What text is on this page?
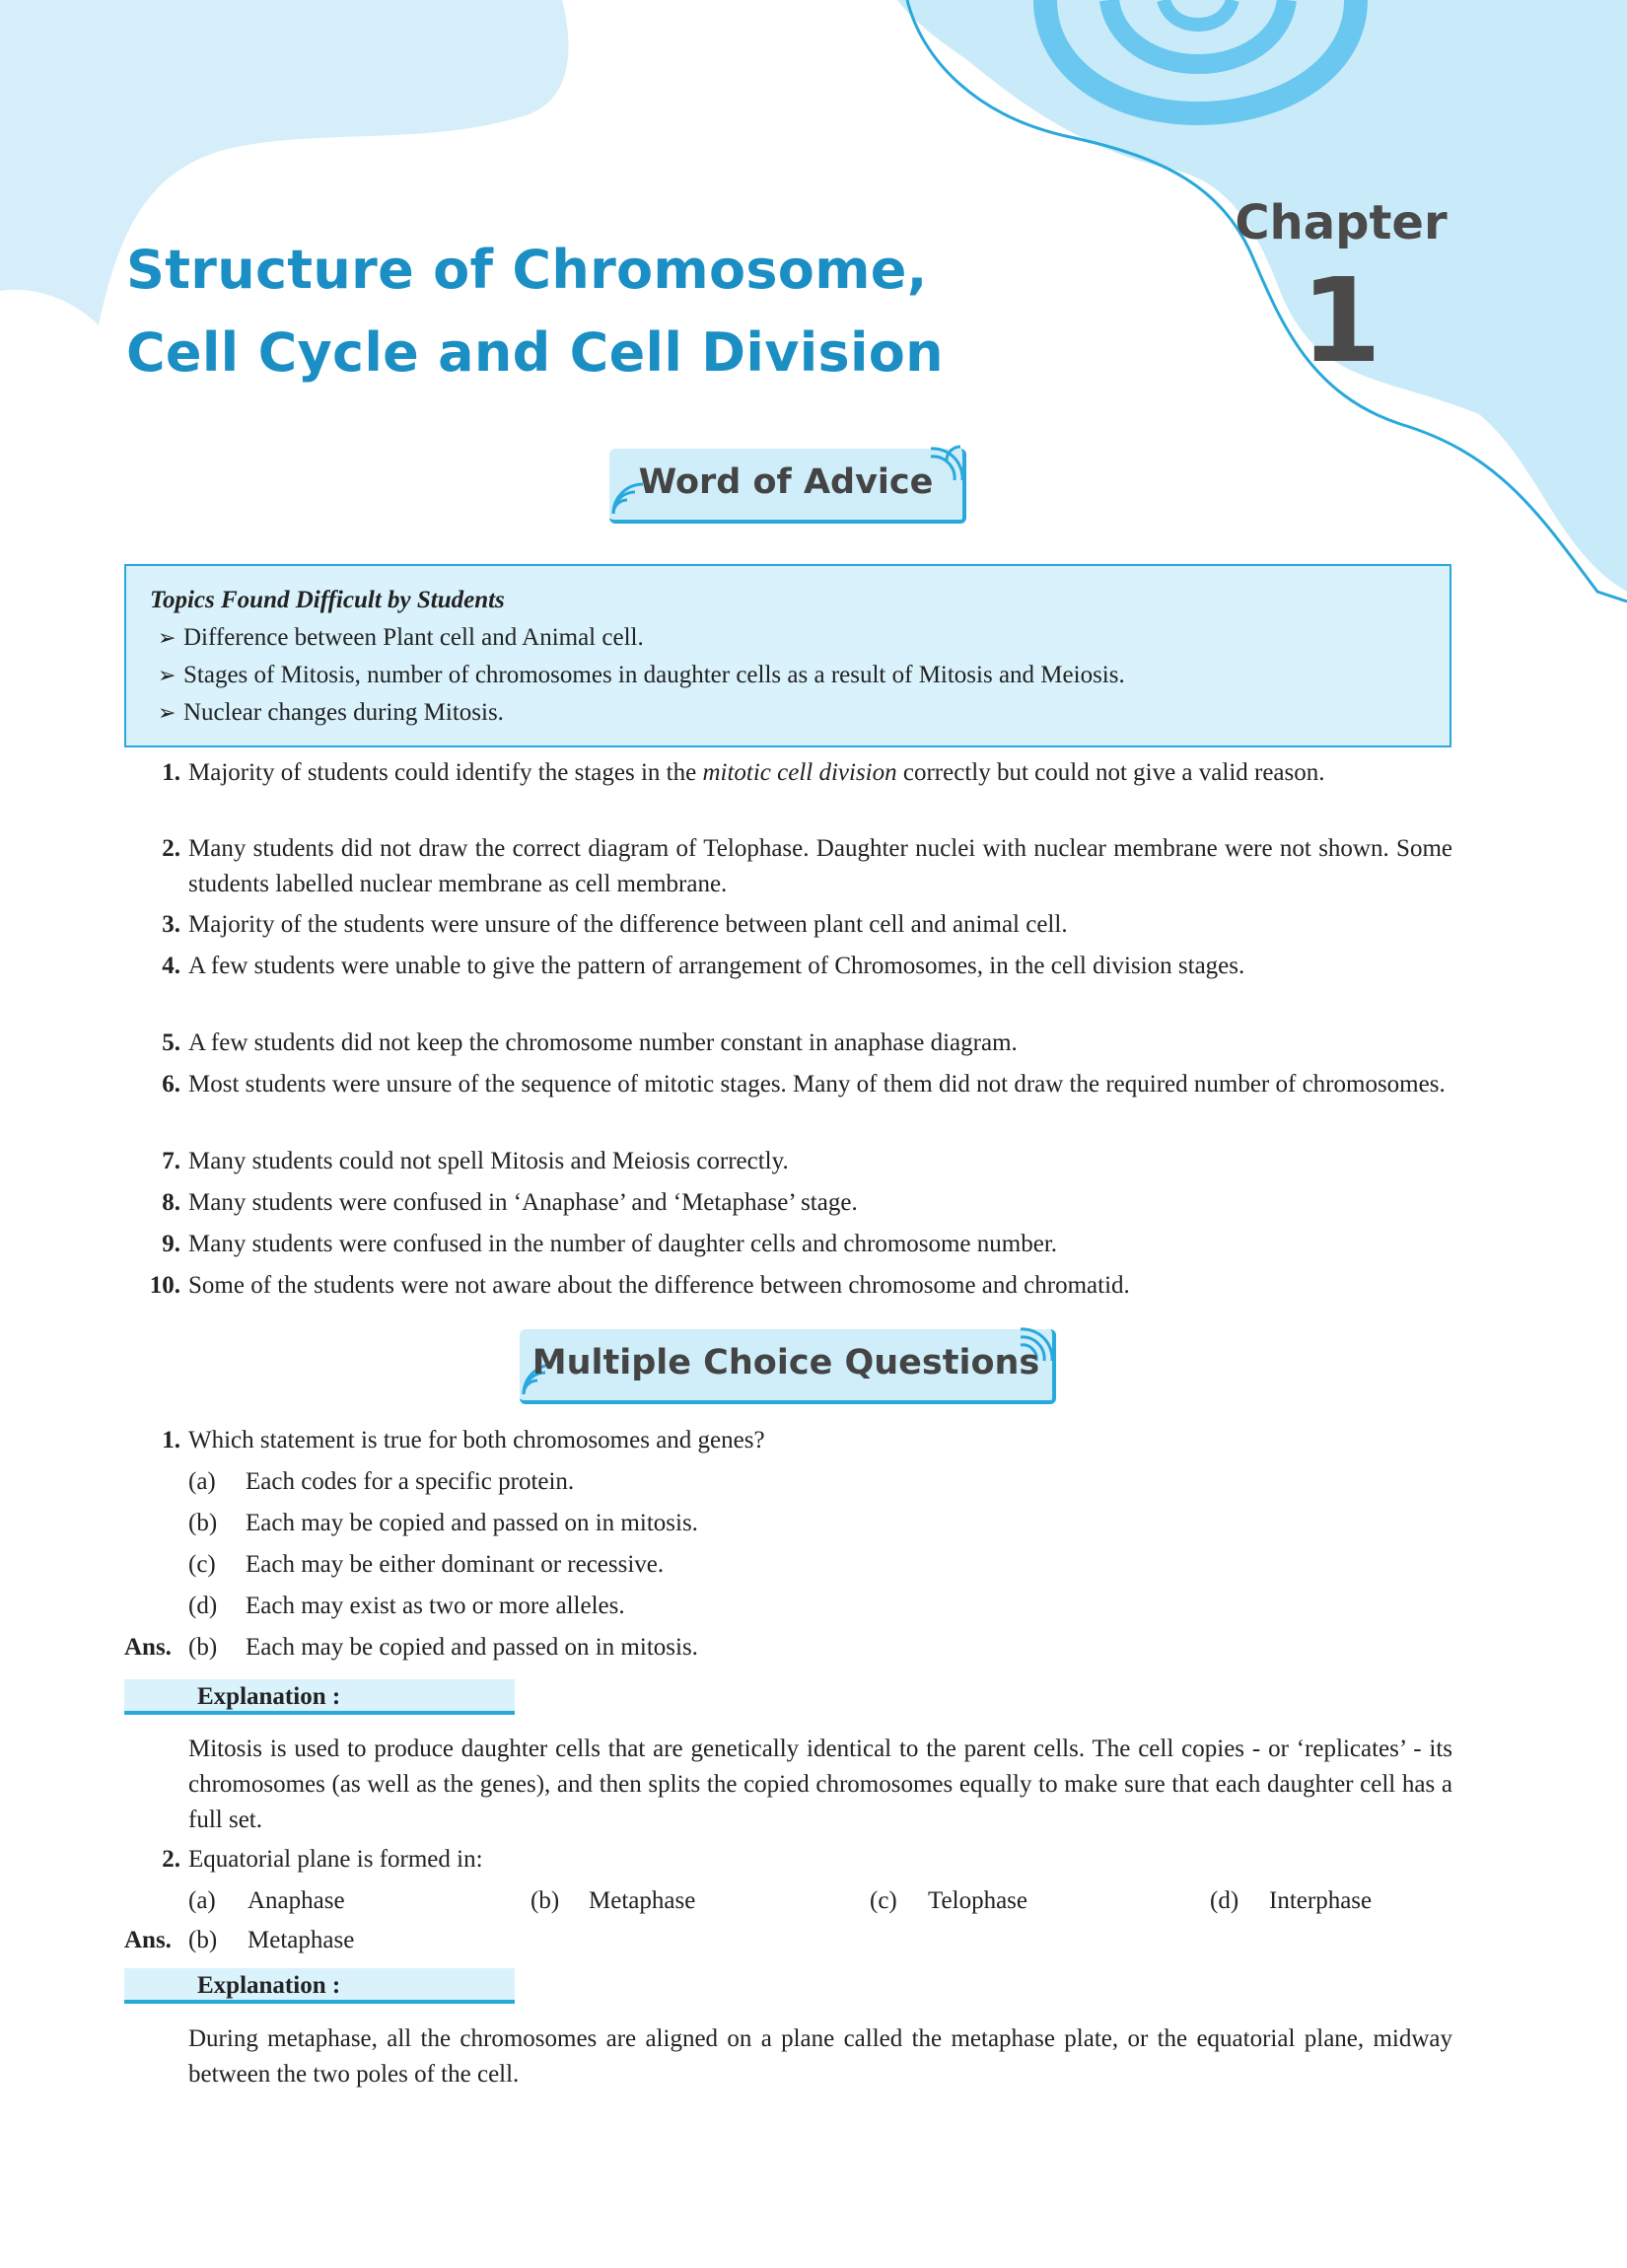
Structure of Chromosome,
Cell Cycle and Cell Division
Chapter
1
Word of Advice
Topics Found Difficult by Students
➢ Difference between Plant cell and Animal cell.
➢ Stages of Mitosis, number of chromosomes in daughter cells as a result of Mitosis and Meiosis.
➢ Nuclear changes during Mitosis.
1. Majority of students could identify the stages in the mitotic cell division correctly but could not give a valid reason.
2. Many students did not draw the correct diagram of Telophase. Daughter nuclei with nuclear membrane were not shown. Some students labelled nuclear membrane as cell membrane.
3. Majority of the students were unsure of the difference between plant cell and animal cell.
4. A few students were unable to give the pattern of arrangement of Chromosomes, in the cell division stages.
5. A few students did not keep the chromosome number constant in anaphase diagram.
6. Most students were unsure of the sequence of mitotic stages. Many of them did not draw the required number of chromosomes.
7. Many students could not spell Mitosis and Meiosis correctly.
8. Many students were confused in ‘Anaphase’ and ‘Metaphase’ stage.
9. Many students were confused in the number of daughter cells and chromosome number.
10. Some of the students were not aware about the difference between chromosome and chromatid.
Multiple Choice Questions
1. Which statement is true for both chromosomes and genes?
(a) Each codes for a specific protein.
(b) Each may be copied and passed on in mitosis.
(c) Each may be either dominant or recessive.
(d) Each may exist as two or more alleles.
Ans. (b) Each may be copied and passed on in mitosis.
Explanation :
Mitosis is used to produce daughter cells that are genetically identical to the parent cells. The cell copies - or ‘replicates’ - its chromosomes (as well as the genes), and then splits the copied chromosomes equally to make sure that each daughter cell has a full set.
2. Equatorial plane is formed in:
(a) Anaphase	(b) Metaphase	(c) Telophase	(d) Interphase
Ans. (b) Metaphase
Explanation :
During metaphase, all the chromosomes are aligned on a plane called the metaphase plate, or the equatorial plane, midway between the two poles of the cell.
